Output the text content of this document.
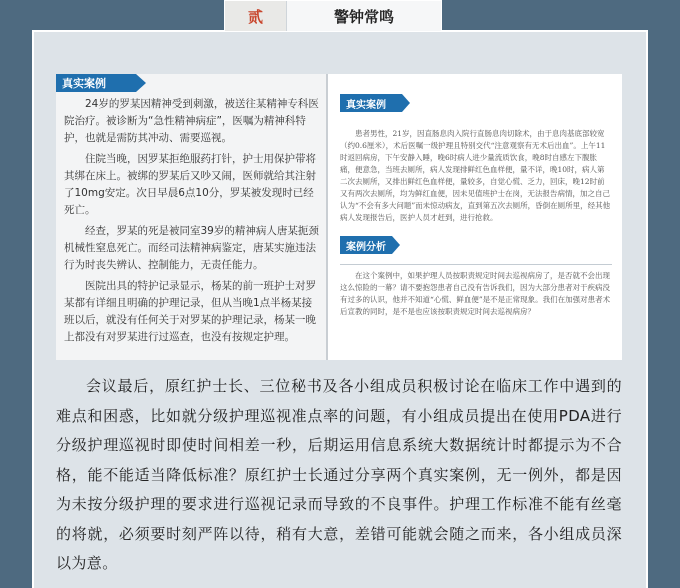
贰	警钟常鸣
真实案例

24岁的罗某因精神受到刺激，被送往某精神专科医院治疗。被诊断为“急性精神病症”，医嘱为精神科特护，也就是需防其冲动、需要巡视。

住院当晚，因罗某拒绝服药打针，护士用保护带将其绑在床上。被绑的罗某后又吵又闹，医师就给其注射了10mg安定。次日早晨6点10分，罗某被发现时已经死亡。

经查，罗某的死是被同室39岁的精神病人唐某扼颈机械性窒息死亡。而经司法精神病鉴定，唐某实施违法行为时丧失辨认、控制能力，无责任能力。

医院出具的特护记录显示，杨某的前一班护士对罗某都有详细且明确的护理记录，但从当晚1点半杨某接班以后，就没有任何关于对罗某的护理记录，杨某一晚上都没有对罗某进行过巡查，也没有按规定护理。

真实案例
患者男性，21岁，因直肠息肉入院行直肠息肉切除术，由于息肉基底部较宽（约0.6厘米），术后医嘱一级护理且特别交代“注意观察有无术后出血”。上午11时返回病房，下午安静入睡，晚6时病人进少量流质饮食，晚8时自感左下腹胀痛，便意急，当班去厕所，病人发现排鲜红色血样便，量不详，晚10时，病人第二次去厕所，又排出鲜红色血样便，量较多，自觉心慌、乏力，回床，晚12时前又有两次去厕所，均为鲜红血便，因未见值班护士在岗，无法报告病情，加之自己认为“不会有多大问题”而未惊动病友，直到第五次去厕所，昏倒在厕所里，经其他病人发现报告后，医护人员才赶到，进行抢救。
案例分析
在这个案例中，如果护理人员按职责规定时间去巡视病房了，是否就不会出现这么惊险的一幕？请不要抱怨患者自己没有告诉我们，因为大部分患者对于疾病没有过多的认识，他并不知道“心慌、鲜血便”是不是正常现象。我们在加强对患者术后宣教的同时，是不是也应该按职责规定时间去巡视病房？
会议最后，原红护士长、三位秘书及各小组成员积极讨论在临床工作中遇到的难点和困惑，比如就分级护理巡视准点率的问题，有小组成员提出在使用PDA进行分级护理巡视时即使时间相差一秒，后期运用信息系统大数据统计时都提示为不合格，能不能适当降低标准？原红护士长通过分享两个真实案例，无一例外，都是因为未按分级护理的要求进行巡视记录而导致的不良事件。护理工作标准不能有丝毫的将就，必须要时刻严阵以待，稍有大意，差错可能就会随之而来，各小组成员深以为意。
